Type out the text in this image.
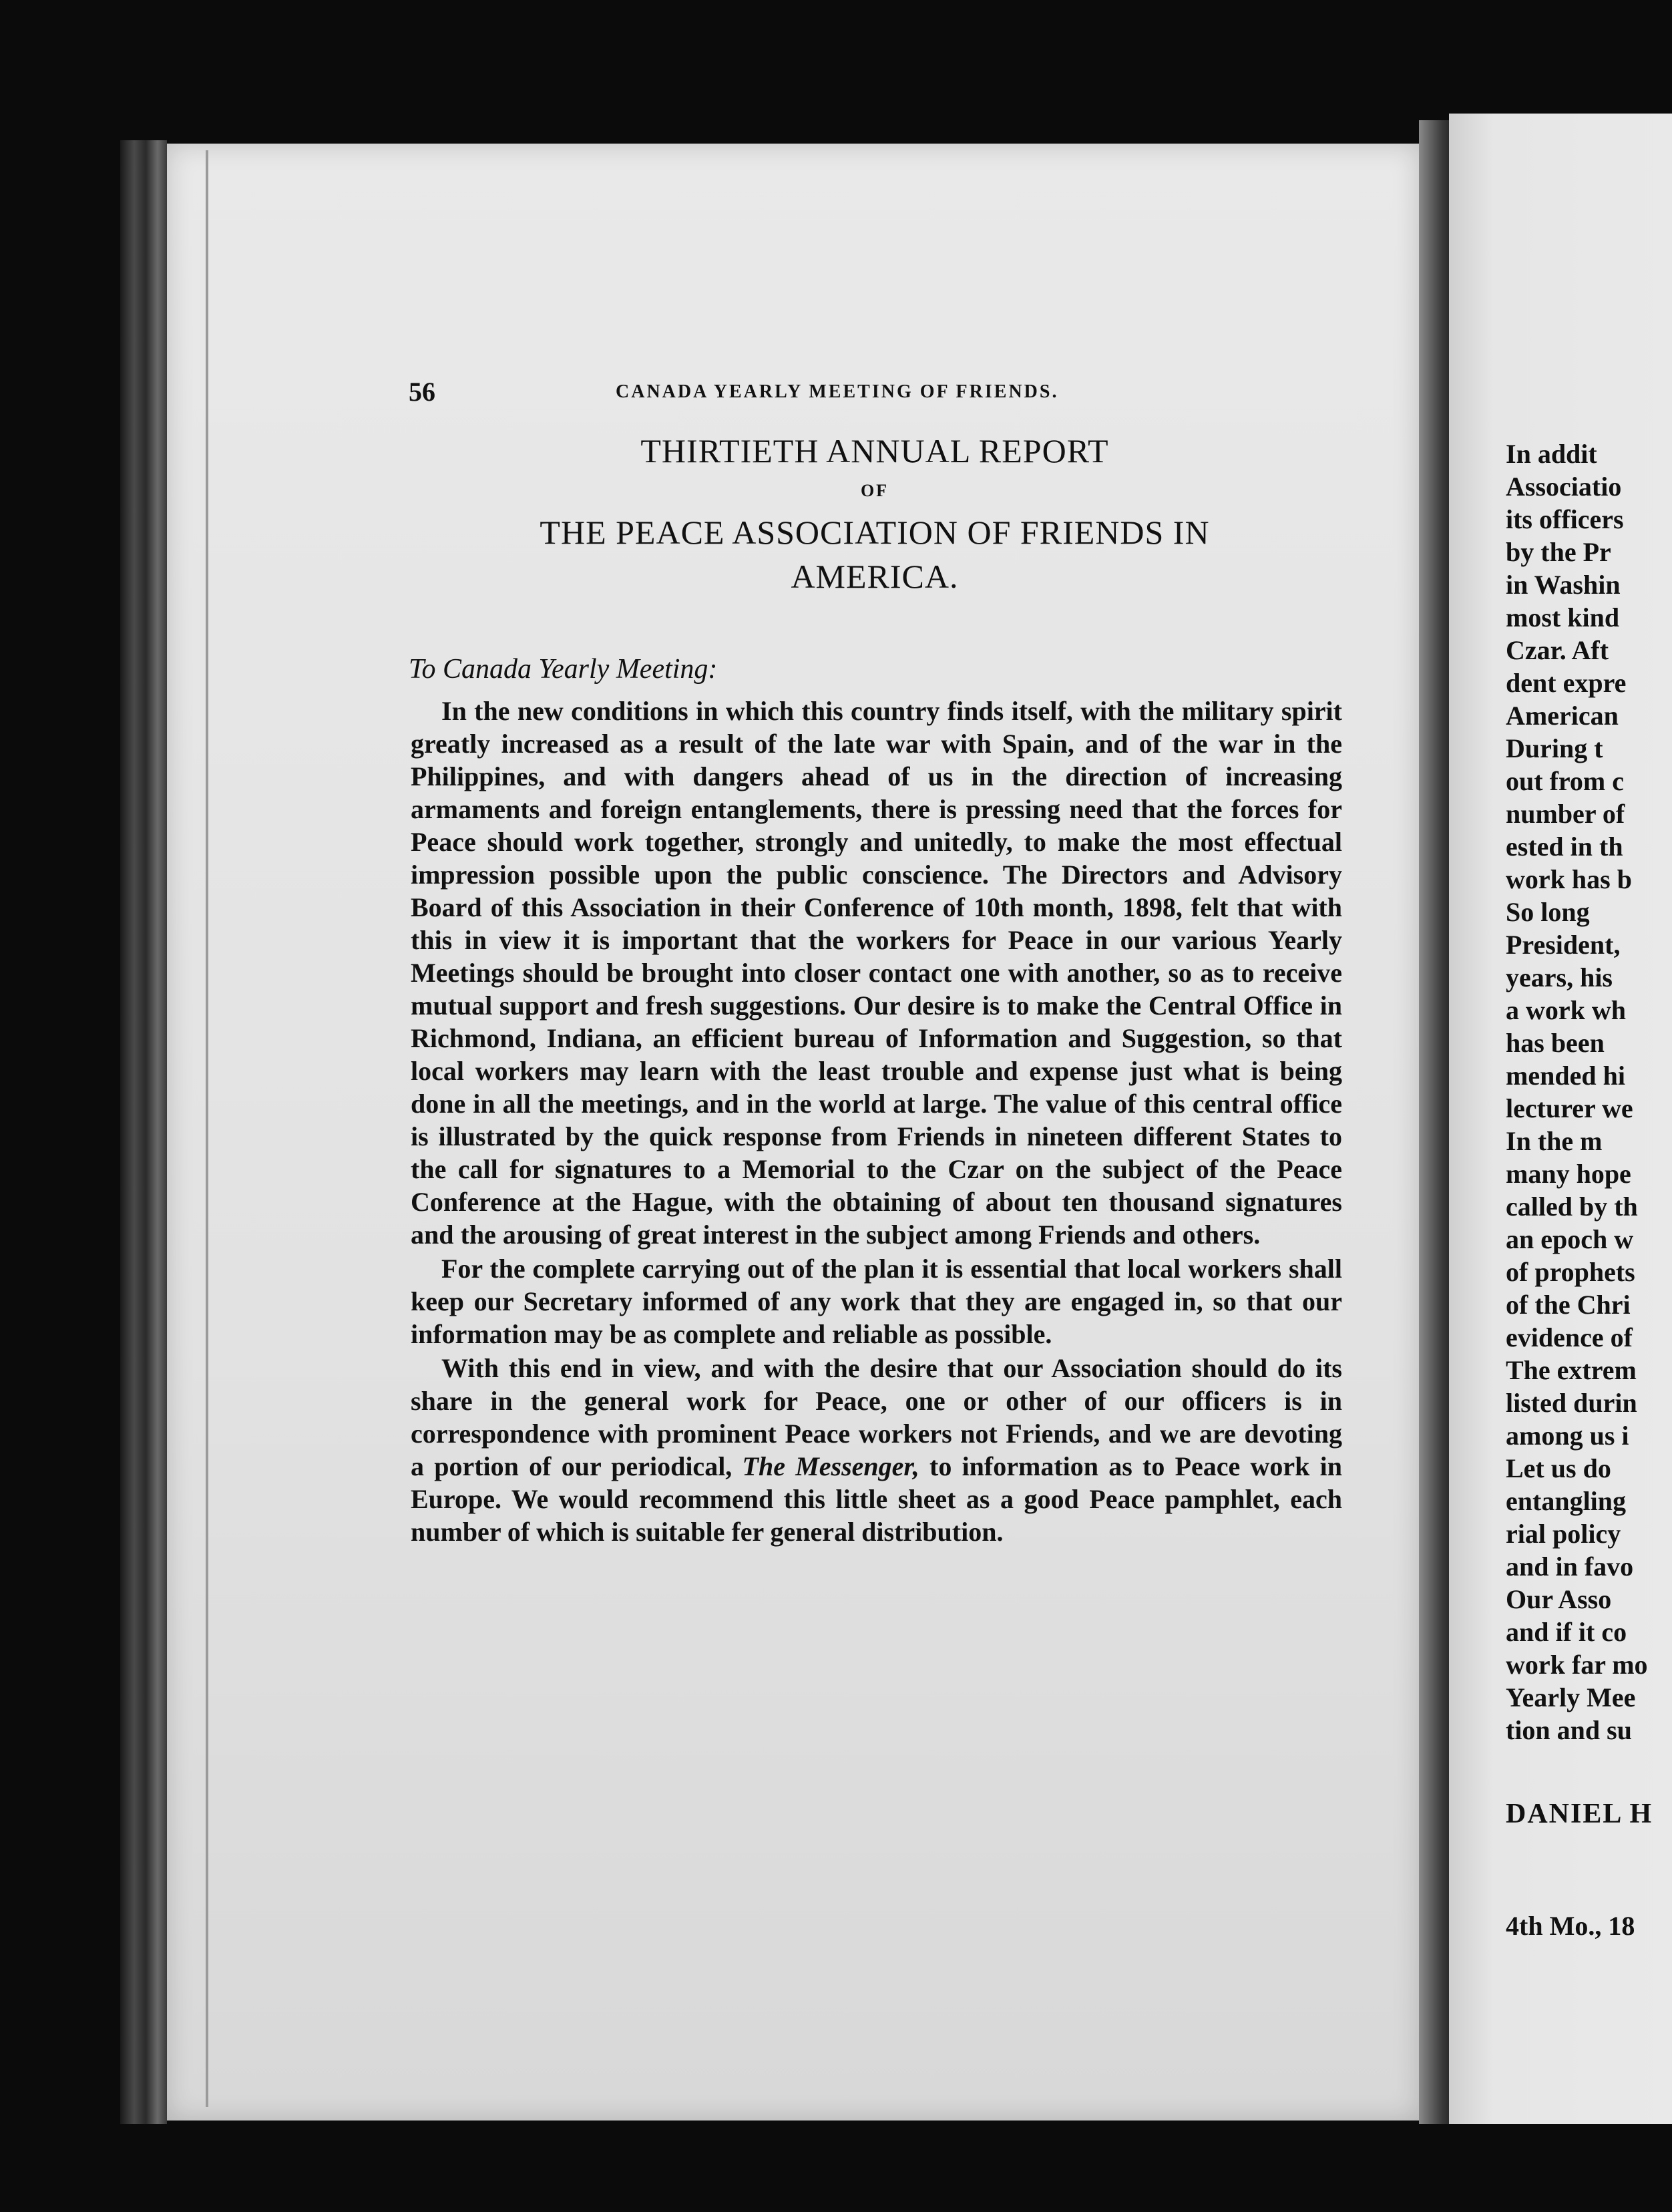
56	CANADA YEARLY MEETING OF FRIENDS.
THIRTIETH ANNUAL REPORT
OF
THE PEACE ASSOCIATION OF FRIENDS IN
AMERICA.
To Canada Yearly Meeting:

In the new conditions in which this country finds itself, with the military spirit greatly increased as a result of the late war with Spain, and of the war in the Philippines, and with dangers ahead of us in the direction of increasing armaments and foreign entanglements, there is pressing need that the forces for Peace should work together, strongly and unitedly, to make the most effectual impression possible upon the public conscience. The Directors and Advisory Board of this Association in their Conference of 10th month, 1898, felt that with this in view it is important that the workers for Peace in our various Yearly Meetings should be brought into closer contact one with another, so as to receive mutual support and fresh suggestions. Our desire is to make the Central Office in Richmond, Indiana, an efficient bureau of Information and Suggestion, so that local workers may learn with the least trouble and expense just what is being done in all the meetings, and in the world at large. The value of this central office is illustrated by the quick response from Friends in nineteen different States to the call for signatures to a Memorial to the Czar on the subject of the Peace Conference at the Hague, with the obtaining of about ten thousand signatures and the arousing of great interest in the subject among Friends and others.

For the complete carrying out of the plan it is essential that local workers shall keep our Secretary informed of any work that they are engaged in, so that our information may be as complete and reliable as possible.

With this end in view, and with the desire that our Association should do its share in the general work for Peace, one or other of our officers is in correspondence with prominent Peace workers not Friends, and we are devoting a portion of our periodical, The Messenger, to information as to Peace work in Europe. We would recommend this little sheet as a good Peace pamphlet, each number of which is suitable fer general distribution.

In addit
Associatio
its officers
by the Pr
in Washin
most kind
Czar. Aft
dent expre
American
During t
out from c
number of
ested in th
work has b
So long
President,
years, his
a work wh
has been
mended hi
lecturer we
In the m
many hope
called by th
an epoch w
of prophets
of the Chri
evidence of
The extrem
listed durin
among us i
Let us do
entangling
rial policy
and in favo
Our Asso
and if it co
work far mo
Yearly Mee
tion and su
DANIEL H
4th Mo., 18
